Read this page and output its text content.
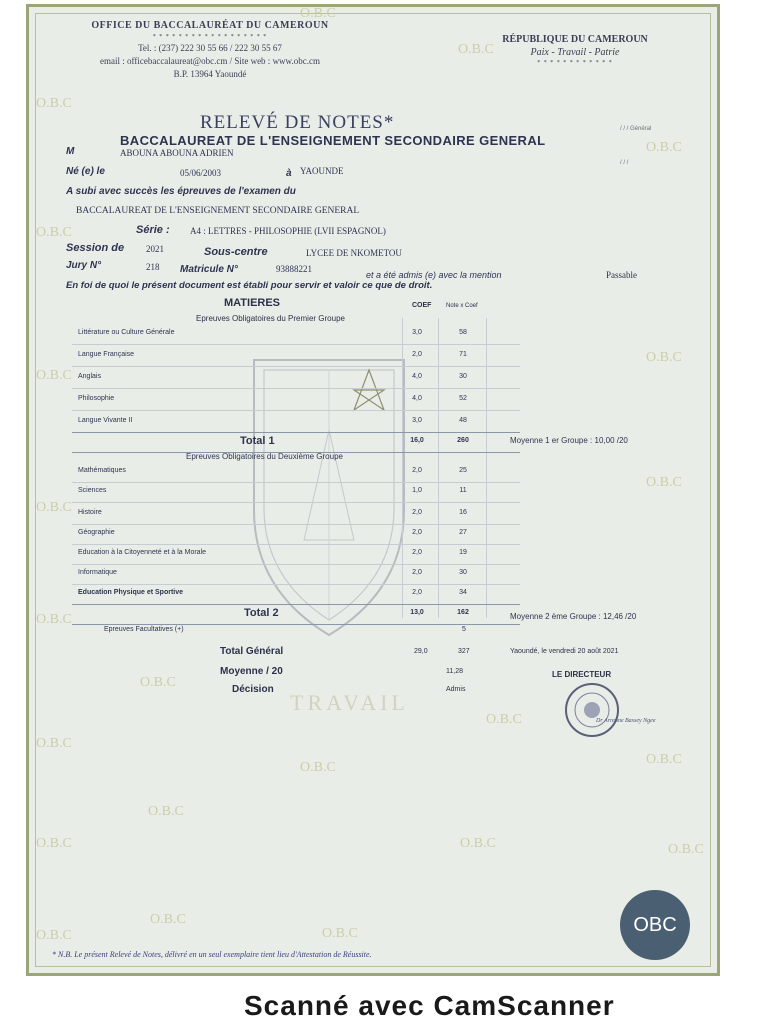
O.B.C
O.B.C
O.B.C
O.B.C
O.B.C
O.B.C
O.B.C
O.B.C
O.B.C
O.B.C
O.B.C
O.B.C
O.B.C
O.B.C
O.B.C
O.B.C
O.B.C	O.B.C	O.B.C
O.B.C
O.B.C
O.B.C
TRAVAIL
OFFICE DU BACCALAURÉAT DU CAMEROUN
* * * * * * * * * * * * * * * * * *
Tel. : (237) 222 30 55 66 / 222 30 55 67
email : officebaccalaureat@obc.cm / Site web : www.obc.cm
B.P. 13964 Yaoundé
RÉPUBLIQUE DU CAMEROUN
Paix - Travail - Patrie
* * * * * * * * * * * *
RELEVÉ DE NOTES*
BACCALAUREAT DE L'ENSEIGNEMENT SECONDAIRE GENERAL
/ / / Général
/ / /
M	ABOUNA ABOUNA ADRIEN
Né (e) le	05/06/2003	à YAOUNDE
A subi avec succès les épreuves de l'examen du
BACCALAUREAT DE L'ENSEIGNEMENT SECONDAIRE GENERAL
Série : A4 : LETTRES - PHILOSOPHIE (LVII ESPAGNOL)
Session de 2021	Sous-centre	LYCEE DE NKOMETOU
Jury N°	218 Matricule N°	93888221
et a été admis (e) avec la mention	Passable
En foi de quoi le présent document est établi pour servir et valoir ce que de droit.
MATIERES	COEF Note x Coef
Epreuves Obligatoires du Premier Groupe
Littérature ou Culture Générale	3,0	58
Langue Française	2,0	71
Anglais	4,0	30
Philosophie	4,0	52
Langue Vivante II	3,0	48
Total 1	16,0	260
Epreuves Obligatoires du Deuxième Groupe
Mathématiques	2,0	25
Sciences	1,0	11
Histoire	2,0	16
Géographie	2,0	27
Education à la Citoyenneté et à la Morale	2,0	19
Informatique	2,0	30
Education Physique et Sportive	2,0	34
Total 2	13,0	162
Moyenne 1 er Groupe : 10,00 /20
Moyenne 2 ème Groupe : 12,46 /20
Epreuves Facultatives (+)	5
Total Général	29,0	327
Moyenne / 20	11,28
Décision	Admis
Yaoundé, le vendredi 20 août 2021
LE DIRECTEUR
Dr Arrenne Bassey Ngee
OBC
* N.B. Le présent Relevé de Notes, délivré en un seul exemplaire tient lieu d'Attestation de Réussite.
Scanné avec CamScanner
